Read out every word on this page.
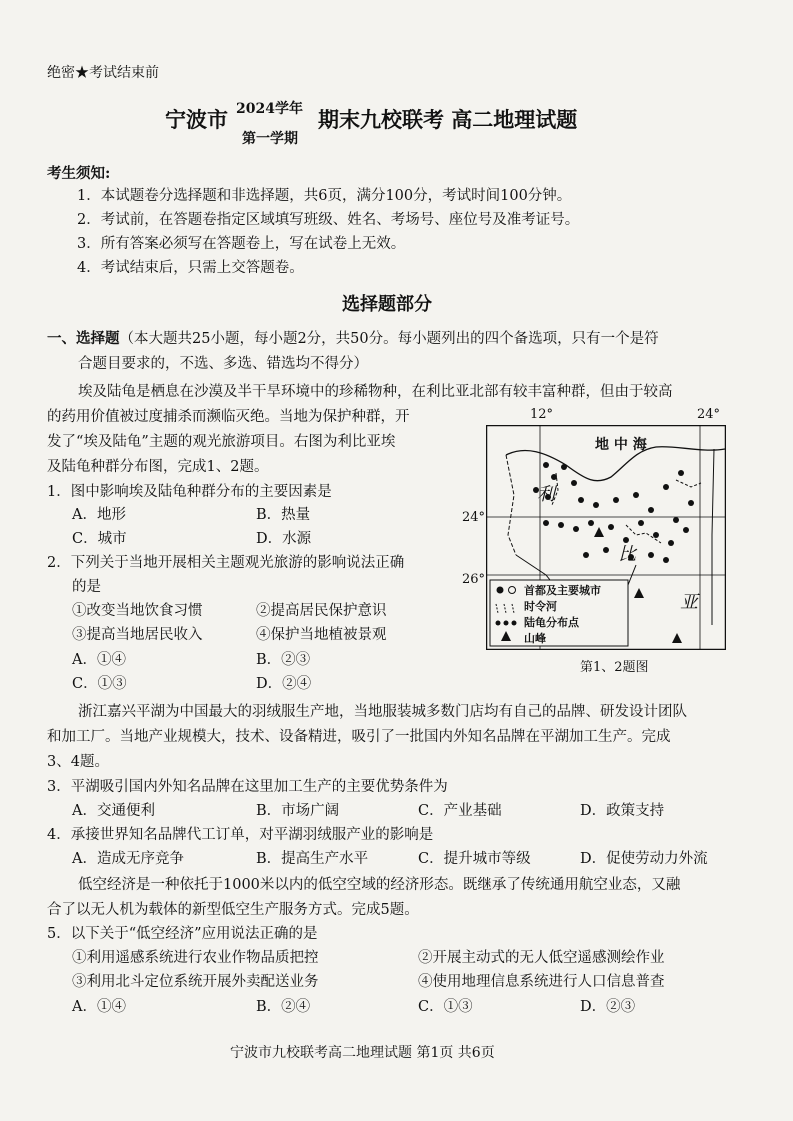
绝密★考试结束前
宁波市 2024学年
第一学期
期末九校联考 高二地理试题
考生须知:
1．本试题卷分选择题和非选择题，共6页，满分100分，考试时间100分钟。
2．考试前，在答题卷指定区域填写班级、姓名、考场号、座位号及准考证号。
3．所有答案必须写在答题卷上，写在试卷上无效。
4．考试结束后，只需上交答题卷。
选择题部分
一、选择题（本大题共25小题，每小题2分，共50分。每小题列出的四个备选项，只有一个是符
合题目要求的，不选、多选、错选均不得分）
埃及陆龟是栖息在沙漠及半干旱环境中的珍稀物种，在利比亚北部有较丰富种群，但由于较高
的药用价值被过度捕杀而濒临灭绝。当地为保护种群，开
发了“埃及陆龟”主题的观光旅游项目。右图为利比亚埃
及陆龟种群分布图，完成1、2题。
1．图中影响埃及陆龟种群分布的主要因素是
A．地形	B．热量
C．城市	D．水源
2．下列关于当地开展相关主题观光旅游的影响说法正确
的是
①改变当地饮食习惯	②提高居民保护意识
③提高当地居民收入	④保护当地植被景观
A．①④	B．②③
C．①③	D．②④
12°	24°
24°
26°
地 中 海
利
比
亚
首都及主要城市
时令河
陆龟分布点
山峰
第1、2题图
浙江嘉兴平湖为中国最大的羽绒服生产地，当地服装城多数门店均有自己的品牌、研发设计团队
和加工厂。当地产业规模大，技术、设备精进，吸引了一批国内外知名品牌在平湖加工生产。完成
3、4题。
3．平湖吸引国内外知名品牌在这里加工生产的主要优势条件为
A．交通便利	B．市场广阔	C．产业基础	D．政策支持
4．承接世界知名品牌代工订单，对平湖羽绒服产业的影响是
A．造成无序竞争	B．提高生产水平	C．提升城市等级	D．促使劳动力外流
低空经济是一种依托于1000米以内的低空空域的经济形态。既继承了传统通用航空业态，又融
合了以无人机为载体的新型低空生产服务方式。完成5题。
5．以下关于“低空经济”应用说法正确的是
①利用遥感系统进行农业作物品质把控	②开展主动式的无人低空遥感测绘作业
③利用北斗定位系统开展外卖配送业务	④使用地理信息系统进行人口信息普查
A．①④	B．②④	C．①③	D．②③
宁波市九校联考高二地理试题 第1页 共6页
